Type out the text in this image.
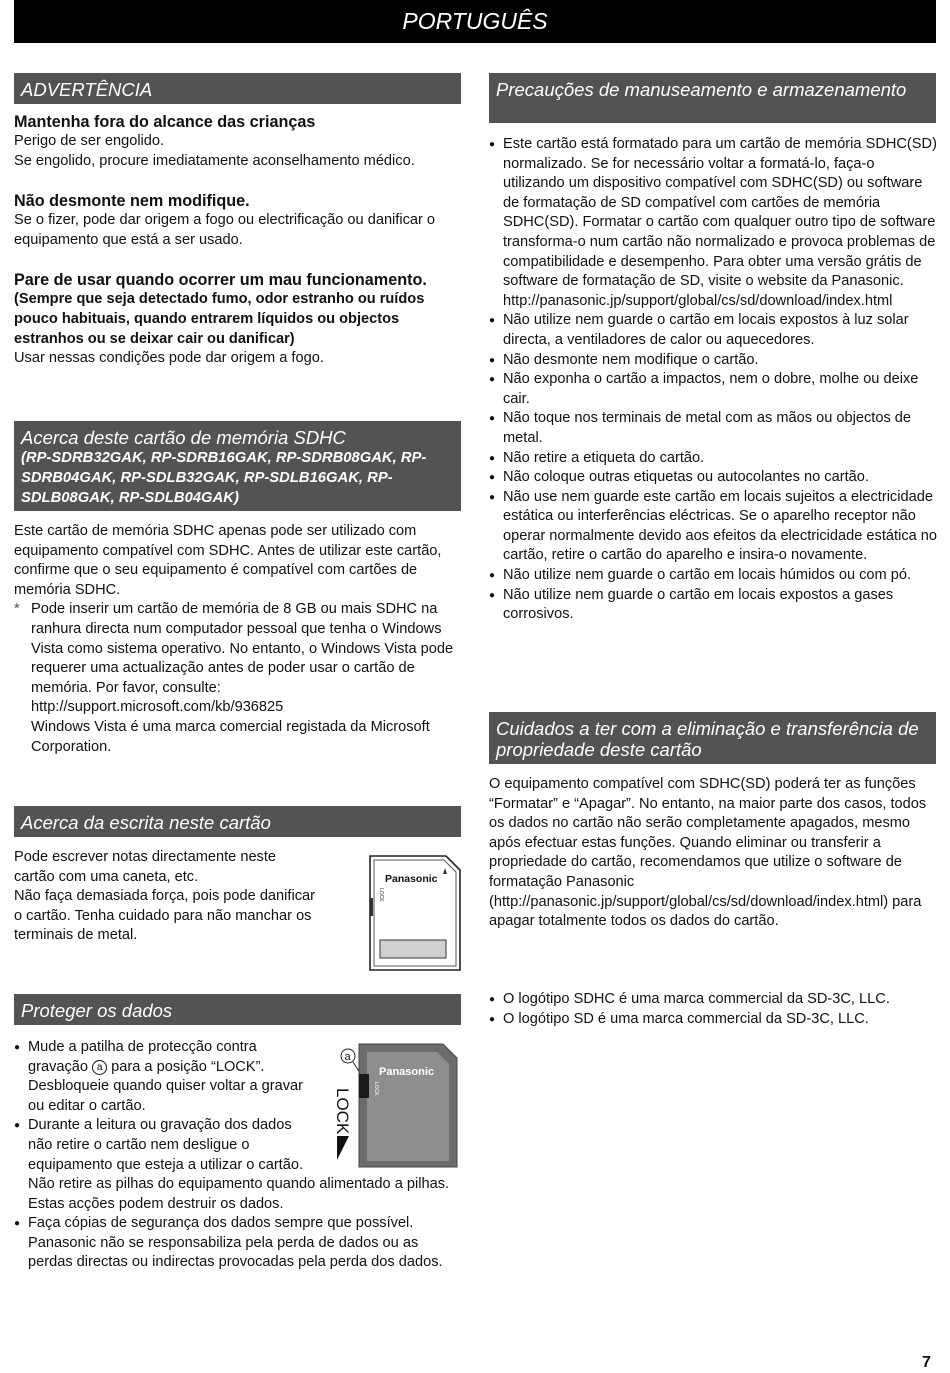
PORTUGUÊS
ADVERTÊNCIA

Mantenha fora do alcance das crianças

Perigo de ser engolido.

Se engolido, procure imediatamente aconselhamento médico.

Não desmonte nem modifique.

Se o fizer, pode dar origem a fogo ou electrificação ou danificar o equipamento que está a ser usado.

Pare de usar quando ocorrer um mau funcionamento.

(Sempre que seja detectado fumo, odor estranho ou ruídos pouco habituais, quando entrarem líquidos ou objectos estranhos ou se deixar cair ou danificar)

Usar nessas condições pode dar origem a fogo.

Acerca deste cartão de memória SDHC
(RP-SDRB32GAK, RP-SDRB16GAK, RP-SDRB08GAK, RP-SDRB04GAK, RP-SDLB32GAK, RP-SDLB16GAK, RP-SDLB08GAK, RP-SDLB04GAK)

Este cartão de memória SDHC apenas pode ser utilizado com equipamento compatível com SDHC. Antes de utilizar este cartão, confirme que o seu equipamento é compatível com cartões de memória SDHC.

* Pode inserir um cartão de memória de 8 GB ou mais SDHC na ranhura directa num computador pessoal que tenha o Windows Vista como sistema operativo. No entanto, o Windows Vista pode requerer uma actualização antes de poder usar o cartão de memória. Por favor, consulte:

http://support.microsoft.com/kb/936825

Windows Vista é uma marca comercial registada da Microsoft Corporation.

Acerca da escrita neste cartão

Pode escrever notas directamente neste cartão com uma caneta, etc.

Não faça demasiada força, pois pode danificar o cartão. Tenha cuidado para não manchar os terminais de metal.

Panasonic
LOCK
Proteger os dados
● Mude a patilha de protecção contra gravação a para a posição “LOCK”. Desbloqueie quando quiser voltar a gravar ou editar o cartão.
● Durante a leitura ou gravação dos dados não retire o cartão nem desligue o equipamento que esteja a utilizar o cartão.

Não retire as pilhas do equipamento quando alimentado a pilhas. Estas acções podem destruir os dados.

● Faça cópias de segurança dos dados sempre que possível. Panasonic não se responsabiliza pela perda de dados ou as perdas directas ou indirectas provocadas pela perda dos dados.
a
Panasonic
LOCK
LOCK
Precauções de manuseamento e armazenamento
● Este cartão está formatado para um cartão de memória SDHC(SD) normalizado. Se for necessário voltar a formatá-lo, faça-o utilizando um dispositivo compatível com SDHC(SD) ou software de formatação de SD compatível com cartões de memória SDHC(SD). Formatar o cartão com qualquer outro tipo de software transforma-o num cartão não normalizado e provoca problemas de compatibilidade e desempenho. Para obter uma versão grátis de software de formatação de SD, visite o website da Panasonic. http://panasonic.jp/support/global/cs/sd/download/index.html
● Não utilize nem guarde o cartão em locais expostos à luz solar directa, a ventiladores de calor ou aquecedores.
● Não desmonte nem modifique o cartão.
● Não exponha o cartão a impactos, nem o dobre, molhe ou deixe cair.
● Não toque nos terminais de metal com as mãos ou objectos de metal.
● Não retire a etiqueta do cartão.
● Não coloque outras etiquetas ou autocolantes no cartão.
● Não use nem guarde este cartão em locais sujeitos a electricidade estática ou interferências eléctricas. Se o aparelho receptor não operar normalmente devido aos efeitos da electricidade estática no cartão, retire o cartão do aparelho e insira-o novamente.
● Não utilize nem guarde o cartão em locais húmidos ou com pó.
● Não utilize nem guarde o cartão em locais expostos a gases corrosivos.
Cuidados a ter com a eliminação e transferência de propriedade deste cartão

O equipamento compatível com SDHC(SD) poderá ter as funções “Formatar” e “Apagar”. No entanto, na maior parte dos casos, todos os dados no cartão não serão completamente apagados, mesmo após efectuar estas funções. Quando eliminar ou transferir a propriedade do cartão, recomendamos que utilize o software de formatação Panasonic (http://panasonic.jp/support/global/cs/sd/download/index.html) para apagar totalmente todos os dados do cartão.

● O logótipo SDHC é uma marca commercial da SD-3C, LLC.
● O logótipo SD é uma marca commercial da SD-3C, LLC.
7
